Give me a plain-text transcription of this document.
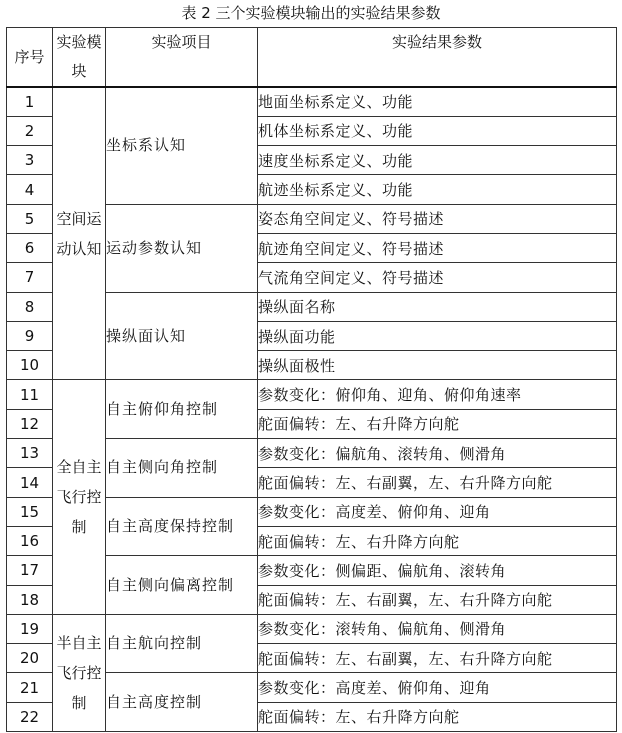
表 2 三个实验模块输出的实验结果参数
序号	实验模块	实验项目	实验结果参数
1	空间运动认知	坐标系认知	地面坐标系定义、功能
2			机体坐标系定义、功能
3			速度坐标系定义、功能
4			航迹坐标系定义、功能
5		运动参数认知	姿态角空间定义、符号描述
6			航迹角空间定义、符号描述
7			气流角空间定义、符号描述
8		操纵面认知	操纵面名称
9			操纵面功能
10			操纵面极性
11	全自主飞行控制	自主俯仰角控制	参数变化：俯仰角、迎角、俯仰角速率
12			舵面偏转：左、右升降方向舵
13		自主侧向角控制	参数变化：偏航角、滚转角、侧滑角
14			舵面偏转：左、右副翼，左、右升降方向舵
15		自主高度保持控制	参数变化：高度差、俯仰角、迎角
16			舵面偏转：左、右升降方向舵
17		自主侧向偏离控制	参数变化：侧偏距、偏航角、滚转角
18			舵面偏转：左、右副翼，左、右升降方向舵
19	半自主飞行控制	自主航向控制	参数变化：滚转角、偏航角、侧滑角
20			舵面偏转：左、右副翼，左、右升降方向舵
21		自主高度控制	参数变化：高度差、俯仰角、迎角
22			舵面偏转：左、右升降方向舵
